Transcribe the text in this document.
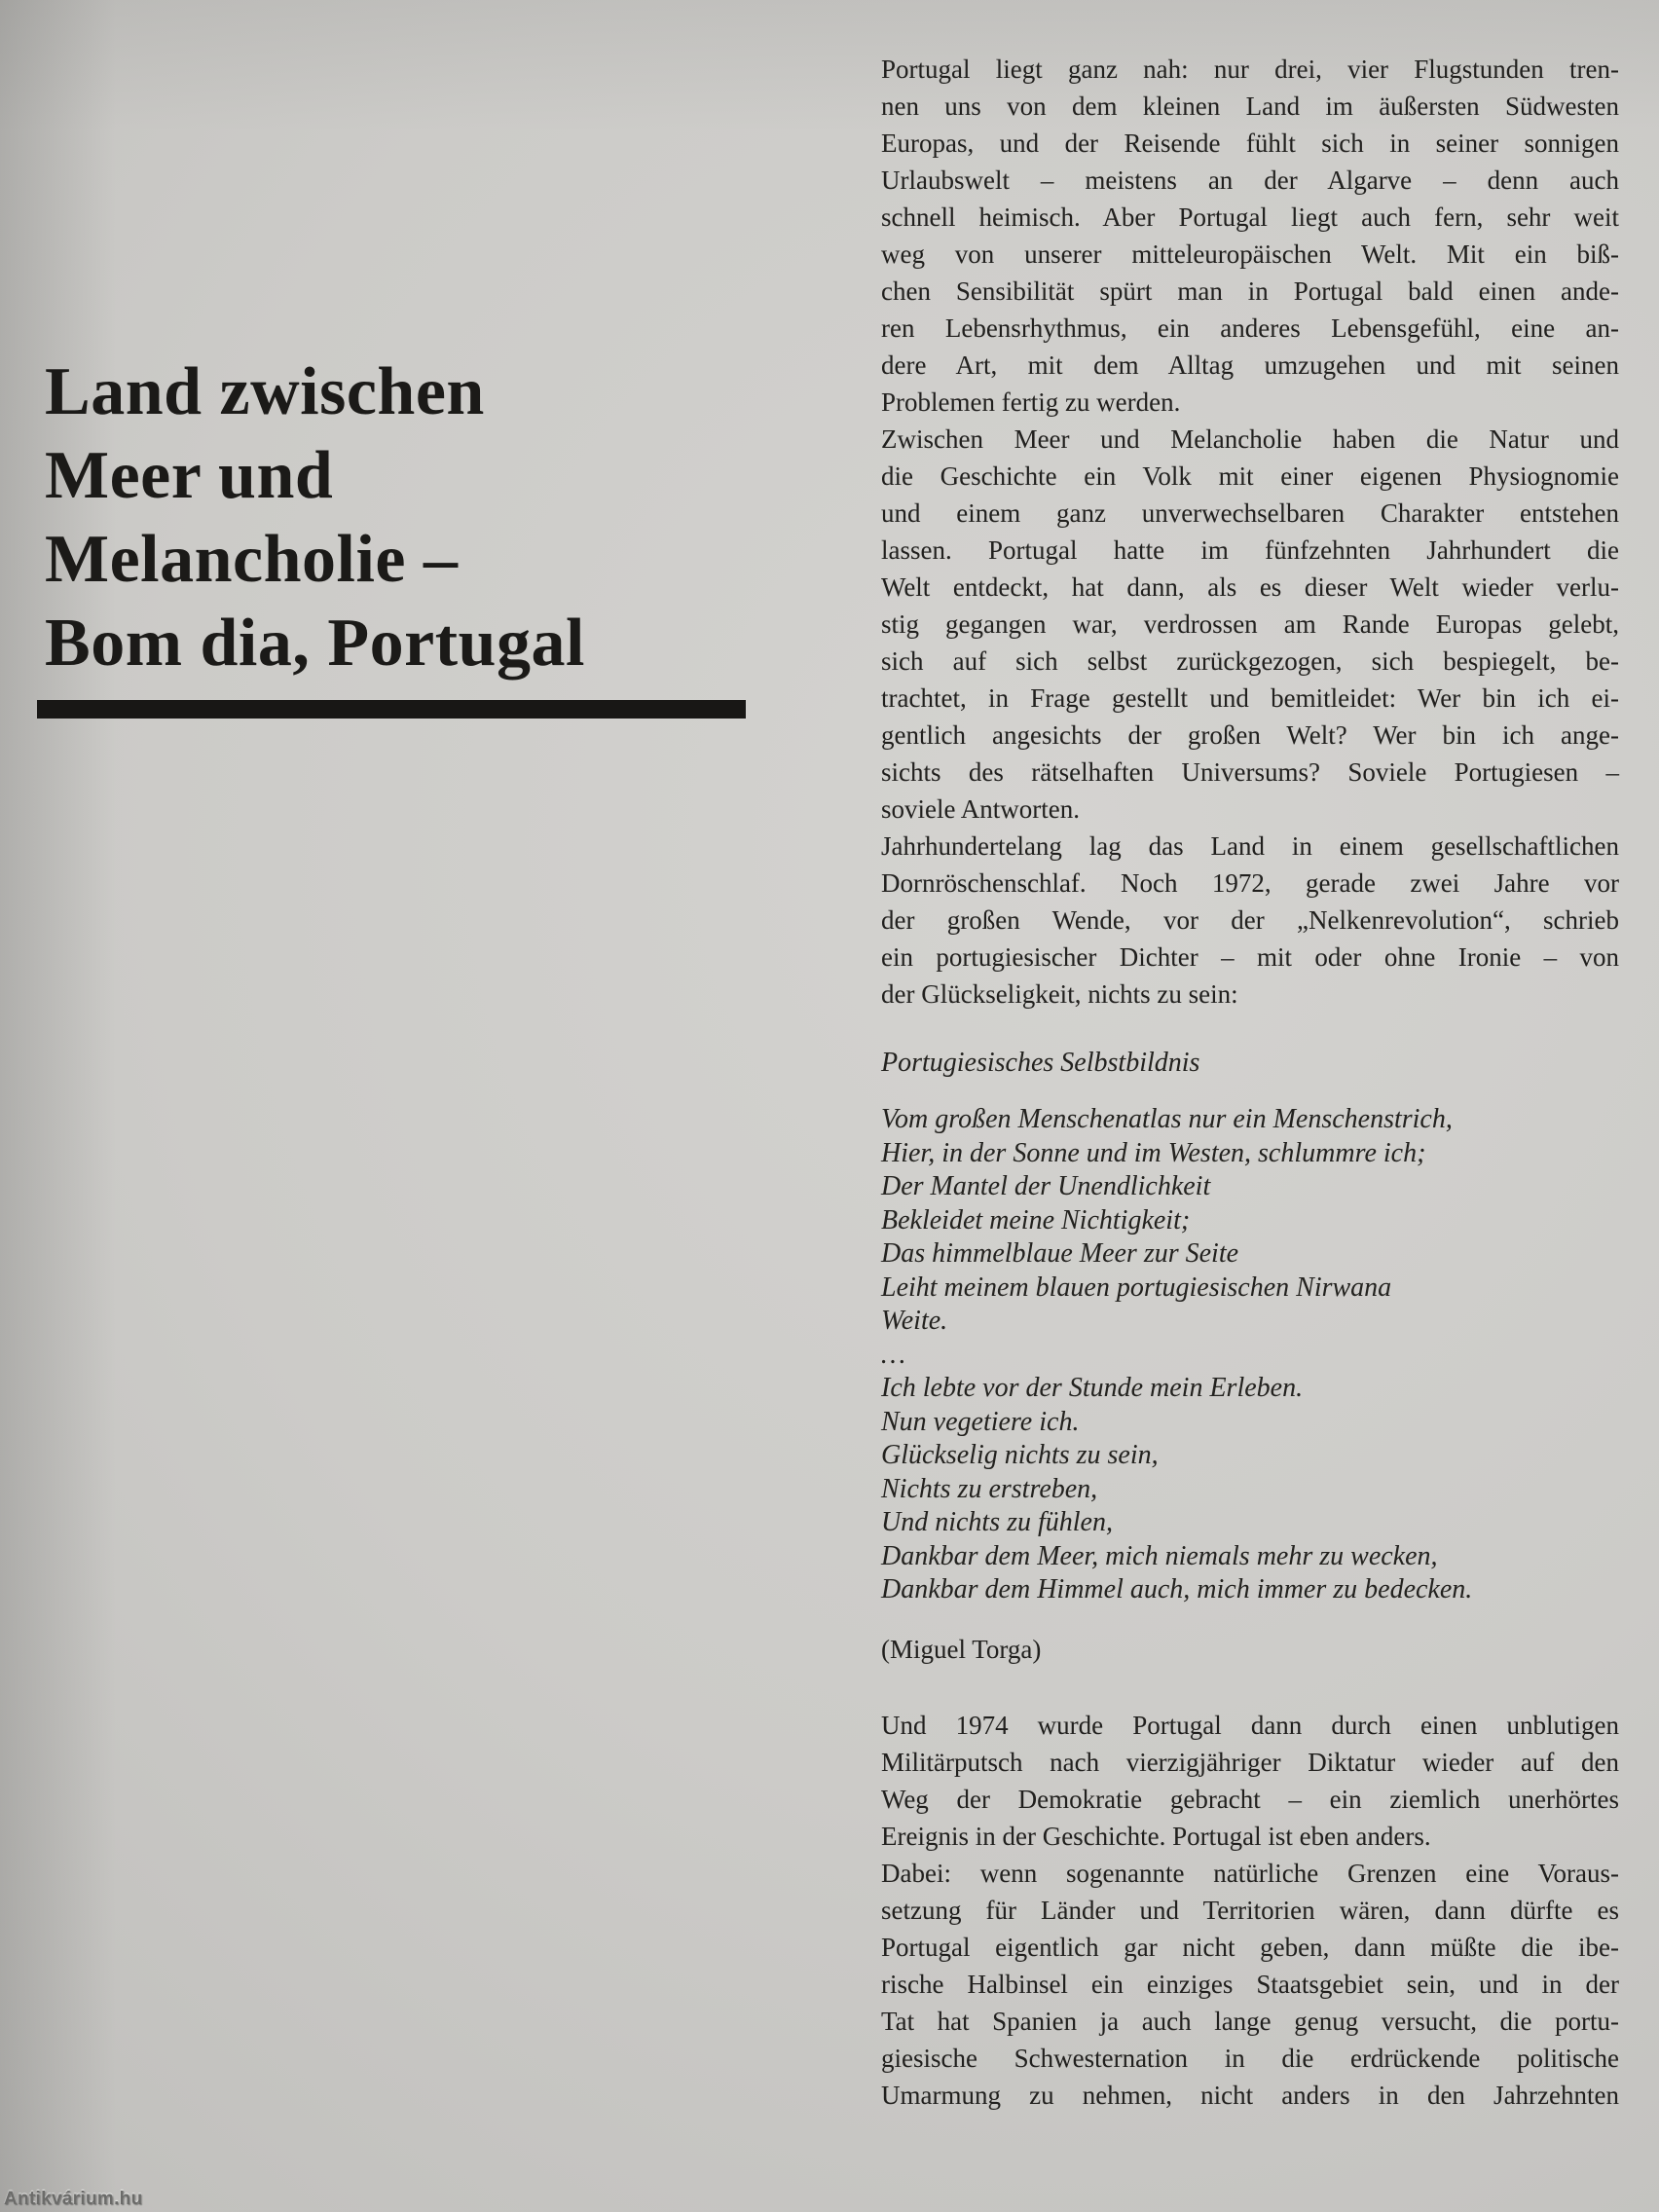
Land zwischen
Meer und
Melancholie –
Bom dia, Portugal
Portugal liegt ganz nah: nur drei, vier Flugstunden tren-
nen uns von dem kleinen Land im äußersten Südwesten
Europas, und der Reisende fühlt sich in seiner sonnigen
Urlaubswelt – meistens an der Algarve – denn auch
schnell heimisch. Aber Portugal liegt auch fern, sehr weit
weg von unserer mitteleuropäischen Welt. Mit ein biß-
chen Sensibilität spürt man in Portugal bald einen ande-
ren Lebensrhythmus, ein anderes Lebensgefühl, eine an-
dere Art, mit dem Alltag umzugehen und mit seinen
Problemen fertig zu werden.
Zwischen Meer und Melancholie haben die Natur und
die Geschichte ein Volk mit einer eigenen Physiognomie
und einem ganz unverwechselbaren Charakter entstehen
lassen. Portugal hatte im fünfzehnten Jahrhundert die
Welt entdeckt, hat dann, als es dieser Welt wieder verlu-
stig gegangen war, verdrossen am Rande Europas gelebt,
sich auf sich selbst zurückgezogen, sich bespiegelt, be-
trachtet, in Frage gestellt und bemitleidet: Wer bin ich ei-
gentlich angesichts der großen Welt? Wer bin ich ange-
sichts des rätselhaften Universums? Soviele Portugiesen –
soviele Antworten.
Jahrhundertelang lag das Land in einem gesellschaftlichen
Dornröschenschlaf. Noch 1972, gerade zwei Jahre vor
der großen Wende, vor der „Nelkenrevolution“, schrieb
ein portugiesischer Dichter – mit oder ohne Ironie – von
der Glückseligkeit, nichts zu sein:
Portugiesisches Selbstbildnis
Vom großen Menschenatlas nur ein Menschenstrich,
Hier, in der Sonne und im Westen, schlummre ich;
Der Mantel der Unendlichkeit
Bekleidet meine Nichtigkeit;
Das himmelblaue Meer zur Seite
Leiht meinem blauen portugiesischen Nirwana
Weite.
…
Ich lebte vor der Stunde mein Erleben.
Nun vegetiere ich.
Glückselig nichts zu sein,
Nichts zu erstreben,
Und nichts zu fühlen,
Dankbar dem Meer, mich niemals mehr zu wecken,
Dankbar dem Himmel auch, mich immer zu bedecken.
(Miguel Torga)
Und 1974 wurde Portugal dann durch einen unblutigen
Militärputsch nach vierzigjähriger Diktatur wieder auf den
Weg der Demokratie gebracht – ein ziemlich unerhörtes
Ereignis in der Geschichte. Portugal ist eben anders.
Dabei: wenn sogenannte natürliche Grenzen eine Voraus-
setzung für Länder und Territorien wären, dann dürfte es
Portugal eigentlich gar nicht geben, dann müßte die ibe-
rische Halbinsel ein einziges Staatsgebiet sein, und in der
Tat hat Spanien ja auch lange genug versucht, die portu-
giesische Schwesternation in die erdrückende politische
Umarmung zu nehmen, nicht anders in den Jahrzehnten
Antikvárium.hu
